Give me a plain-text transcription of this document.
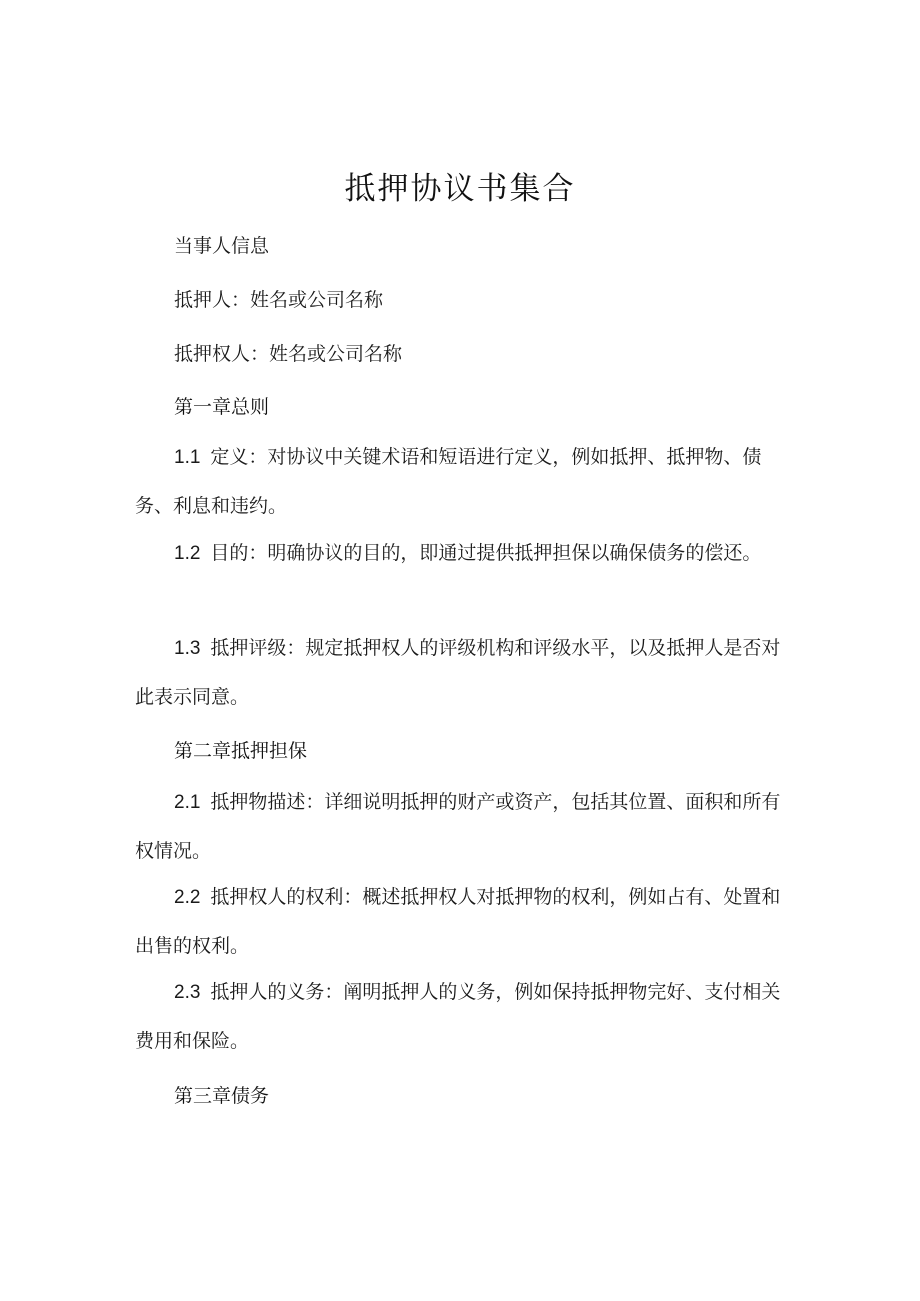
抵押协议书集合
当事人信息
抵押人：姓名或公司名称
抵押权人：姓名或公司名称
第一章总则
1.1 定义：对协议中关键术语和短语进行定义，例如抵押、抵押物、债务、利息和违约。
1.2 目的：明确协议的目的，即通过提供抵押担保以确保债务的偿还。
1.3 抵押评级：规定抵押权人的评级机构和评级水平，以及抵押人是否对此表示同意。
第二章抵押担保
2.1 抵押物描述：详细说明抵押的财产或资产，包括其位置、面积和所有权情况。
2.2 抵押权人的权利：概述抵押权人对抵押物的权利，例如占有、处置和出售的权利。
2.3 抵押人的义务：阐明抵押人的义务，例如保持抵押物完好、支付相关费用和保险。
第三章债务
